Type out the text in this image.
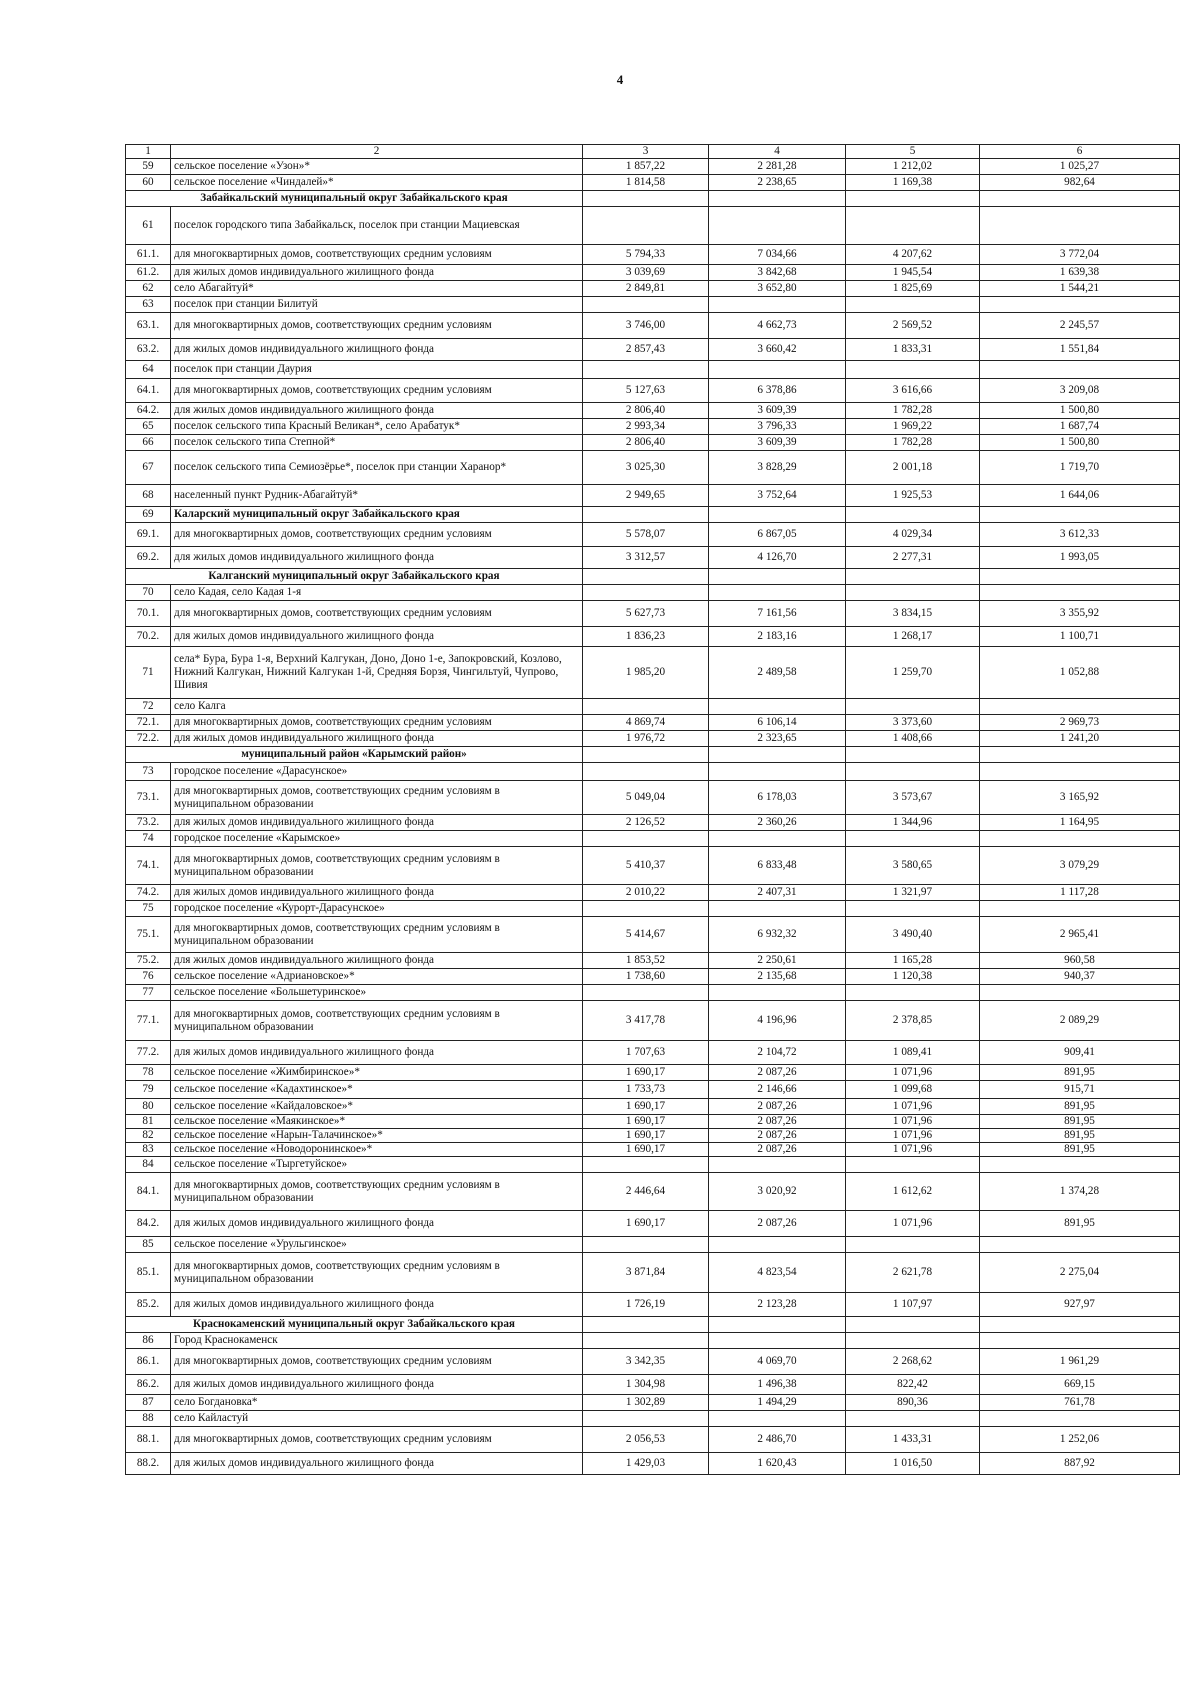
4
1	2	3	4	5	6
59	сельское поселение «Узон»*	1 857,22	2 281,28	1 212,02	1 025,27
60	сельское поселение «Чиндалей»*	1 814,58	2 238,65	1 169,38	982,64
Забайкальский муниципальный округ Забайкальского края					
61	поселок городского типа Забайкальск, поселок при станции Мациевская				
61.1.	для многоквартирных домов, соответствующих средним условиям	5 794,33	7 034,66	4 207,62	3 772,04
61.2.	для жилых домов индивидуального жилищного фонда	3 039,69	3 842,68	1 945,54	1 639,38
62	село Абагайтуй*	2 849,81	3 652,80	1 825,69	1 544,21
63	поселок при станции Билитуй				
63.1.	для многоквартирных домов, соответствующих средним условиям	3 746,00	4 662,73	2 569,52	2 245,57
63.2.	для жилых домов индивидуального жилищного фонда	2 857,43	3 660,42	1 833,31	1 551,84
64	поселок при станции Даурия				
64.1.	для многоквартирных домов, соответствующих средним условиям	5 127,63	6 378,86	3 616,66	3 209,08
64.2.	для жилых домов индивидуального жилищного фонда	2 806,40	3 609,39	1 782,28	1 500,80
65	поселок сельского типа Красный Великан*, село Арабатук*	2 993,34	3 796,33	1 969,22	1 687,74
66	поселок сельского типа Степной*	2 806,40	3 609,39	1 782,28	1 500,80
67	поселок сельского типа Семиозёрье*, поселок при станции Харанор*	3 025,30	3 828,29	2 001,18	1 719,70
68	населенный пункт Рудник-Абагайтуй*	2 949,65	3 752,64	1 925,53	1 644,06
69	Каларский муниципальный округ Забайкальского края				
69.1.	для многоквартирных домов, соответствующих средним условиям	5 578,07	6 867,05	4 029,34	3 612,33
69.2.	для жилых домов индивидуального жилищного фонда	3 312,57	4 126,70	2 277,31	1 993,05
Калганский муниципальный округ Забайкальского края					
70	село Кадая, село Кадая 1-я				
70.1.	для многоквартирных домов, соответствующих средним условиям	5 627,73	7 161,56	3 834,15	3 355,92
70.2.	для жилых домов индивидуального жилищного фонда	1 836,23	2 183,16	1 268,17	1 100,71
71	села* Бура, Бура 1-я, Верхний Калгукан, Доно, Доно 1-е, Запокровский, Козлово, Нижний Калгукан, Нижний Калгукан 1-й, Средняя Борзя, Чингильтуй, Чупрово, Шивия	1 985,20	2 489,58	1 259,70	1 052,88
72	село Калга				
72.1.	для многоквартирных домов, соответствующих средним условиям	4 869,74	6 106,14	3 373,60	2 969,73
72.2.	для жилых домов индивидуального жилищного фонда	1 976,72	2 323,65	1 408,66	1 241,20
муниципальный район «Карымский район»					
73	городское поселение «Дарасунское»				
73.1.	для многоквартирных домов, соответствующих средним условиям в муниципальном образовании	5 049,04	6 178,03	3 573,67	3 165,92
73.2.	для жилых домов индивидуального жилищного фонда	2 126,52	2 360,26	1 344,96	1 164,95
74	городское поселение «Карымское»				
74.1.	для многоквартирных домов, соответствующих средним условиям в муниципальном образовании	5 410,37	6 833,48	3 580,65	3 079,29
74.2.	для жилых домов индивидуального жилищного фонда	2 010,22	2 407,31	1 321,97	1 117,28
75	городское поселение «Курорт-Дарасунское»				
75.1.	для многоквартирных домов, соответствующих средним условиям в муниципальном образовании	5 414,67	6 932,32	3 490,40	2 965,41
75.2.	для жилых домов индивидуального жилищного фонда	1 853,52	2 250,61	1 165,28	960,58
76	сельское поселение «Адриановское»*	1 738,60	2 135,68	1 120,38	940,37
77	сельское поселение «Большетуринское»				
77.1.	для многоквартирных домов, соответствующих средним условиям в муниципальном образовании	3 417,78	4 196,96	2 378,85	2 089,29
77.2.	для жилых домов индивидуального жилищного фонда	1 707,63	2 104,72	1 089,41	909,41
78	сельское поселение «Жимбиринское»*	1 690,17	2 087,26	1 071,96	891,95
79	сельское поселение «Кадахтинское»*	1 733,73	2 146,66	1 099,68	915,71
80	сельское поселение «Кайдаловское»*	1 690,17	2 087,26	1 071,96	891,95
81	сельское поселение «Маякинское»*	1 690,17	2 087,26	1 071,96	891,95
82	сельское поселение «Нарын-Талачинское»*	1 690,17	2 087,26	1 071,96	891,95
83	сельское поселение «Новодоронинское»*	1 690,17	2 087,26	1 071,96	891,95
84	сельское поселение «Тыргетуйское»				
84.1.	для многоквартирных домов, соответствующих средним условиям в муниципальном образовании	2 446,64	3 020,92	1 612,62	1 374,28
84.2.	для жилых домов индивидуального жилищного фонда	1 690,17	2 087,26	1 071,96	891,95
85	сельское поселение «Урульгинское»				
85.1.	для многоквартирных домов, соответствующих средним условиям в муниципальном образовании	3 871,84	4 823,54	2 621,78	2 275,04
85.2.	для жилых домов индивидуального жилищного фонда	1 726,19	2 123,28	1 107,97	927,97
Краснокаменский муниципальный округ Забайкальского края					
86	Город Краснокаменск				
86.1.	для многоквартирных домов, соответствующих средним условиям	3 342,35	4 069,70	2 268,62	1 961,29
86.2.	для жилых домов индивидуального жилищного фонда	1 304,98	1 496,38	822,42	669,15
87	село Богдановка*	1 302,89	1 494,29	890,36	761,78
88	село Кайластуй				
88.1.	для многоквартирных домов, соответствующих средним условиям	2 056,53	2 486,70	1 433,31	1 252,06
88.2.	для жилых домов индивидуального жилищного фонда	1 429,03	1 620,43	1 016,50	887,92
